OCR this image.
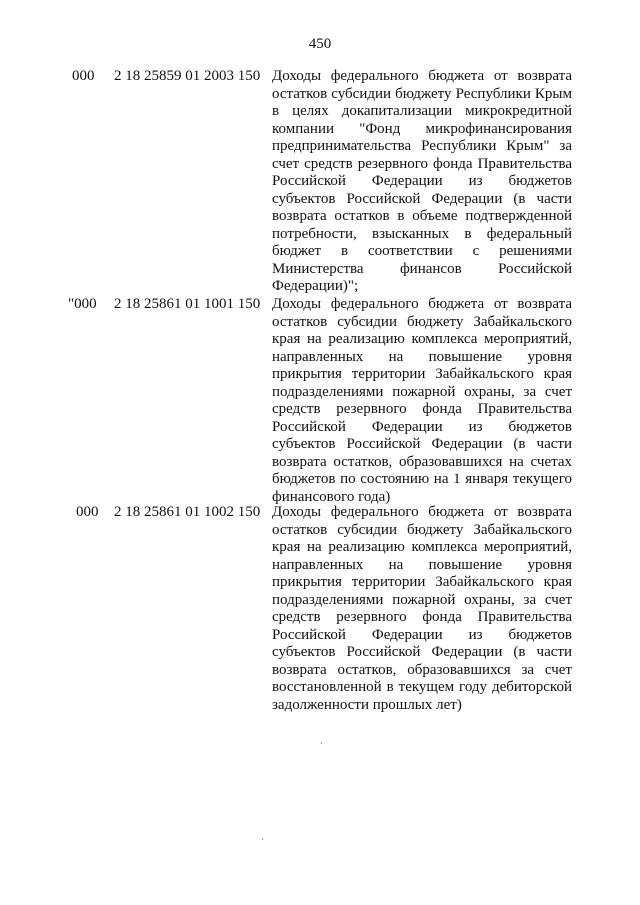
450
000 2 18 25859 01 2003 150 Доходы федерального бюджета от возврата остатков субсидии бюджету Республики Крым в целях докапитализации микрокредитной компании "Фонд микрофинансирования предпринимательства Республики Крым" за счет средств резервного фонда Правительства Российской Федерации из бюджетов субъектов Российской Федерации (в части возврата остатков в объеме подтвержденной потребности, взысканных в федеральный бюджет в соответствии с решениями Министерства финансов Российской Федерации)";
"000 2 18 25861 01 1001 150 Доходы федерального бюджета от возврата остатков субсидии бюджету Забайкальского края на реализацию комплекса мероприятий, направленных на повышение уровня прикрытия территории Забайкальского края подразделениями пожарной охраны, за счет средств резервного фонда Правительства Российской Федерации из бюджетов субъектов Российской Федерации (в части возврата остатков, образовавшихся на счетах бюджетов по состоянию на 1 января текущего финансового года)
000 2 18 25861 01 1002 150 Доходы федерального бюджета от возврата остатков субсидии бюджету Забайкальского края на реализацию комплекса мероприятий, направленных на повышение уровня прикрытия территории Забайкальского края подразделениями пожарной охраны, за счет средств резервного фонда Правительства Российской Федерации из бюджетов субъектов Российской Федерации (в части возврата остатков, образовавшихся за счет восстановленной в текущем году дебиторской задолженности прошлых лет)
